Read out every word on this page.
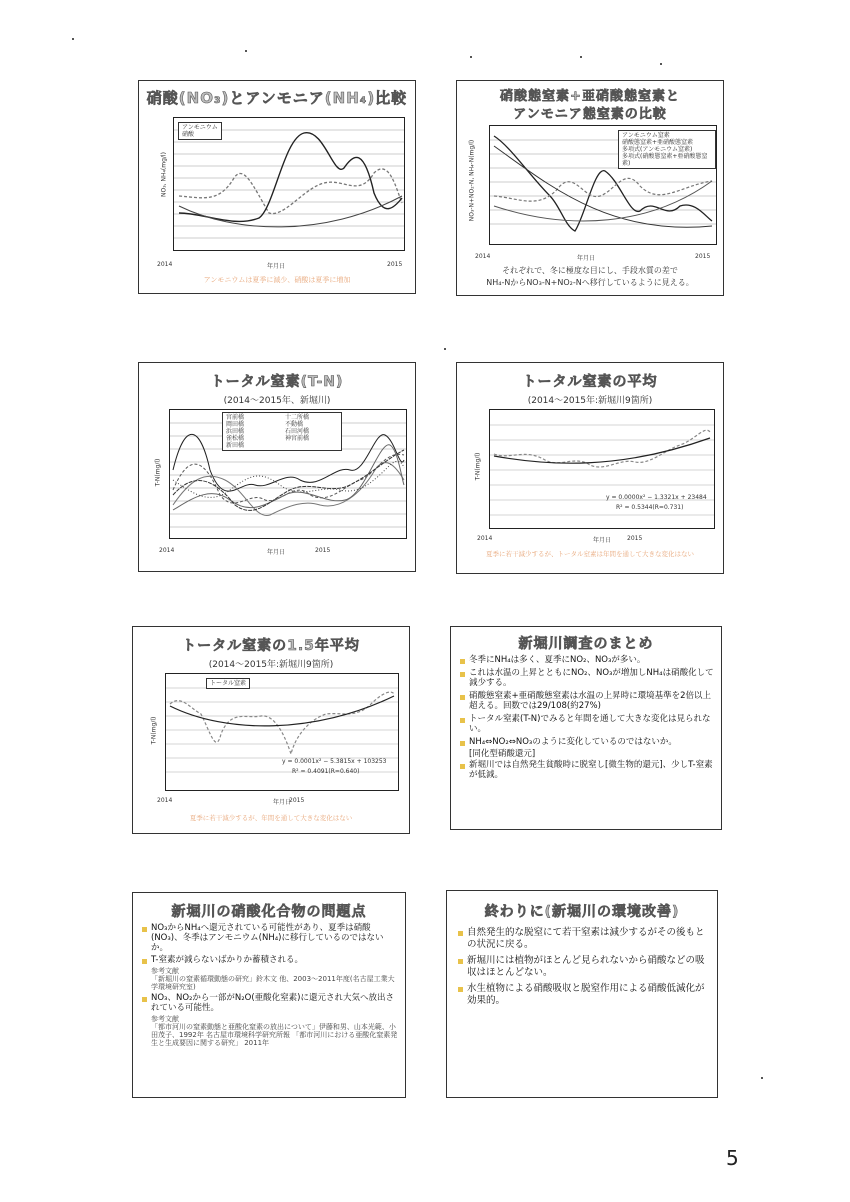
硝酸(NO₃)とアンモニア(NH₄)比較
アンモニウム
硝酸
NO₃, NH₄(mg/l)
年月日
2014	2015
アンモニウムは夏季に減少、硝酸は夏季に増加
硝酸態窒素+亜硝酸態窒素と
アンモニア態窒素の比較
アンモニウム窒素
硝酸態窒素+亜硝酸態窒素
多項式(アンモニウム窒素)
多項式(硝酸態窒素+亜硝酸態窒素)
NO₃-N+NO₂-N, NH₄-N(mg/l)
年月日
2014	2015
それぞれで、冬に極度な目にし、手段水質の差で
NH₄-NからNO₃-N+NO₂-Nへ移行しているように見える。
トータル窒素(T-N)
(2014〜2015年、新堀川)
宮前橋
岡田橋
浜田橋
雀松橋
新田橋
十二所橋
不動橋
石田河橋
神宮前橋
T-N(mg/l)
年月日
2014	2015
トータル窒素の平均
(2014〜2015年:新堀川9箇所)
y = 0.0000x² − 1.3321x + 23484
R² = 0.5344(R=0.731)
T-N(mg/l)
年月日
2014	2015
夏季に若干減少するが、トータル窒素は年間を通して大きな変化はない
トータル窒素の1.5年平均
(2014〜2015年:新堀川9箇所)
トータル窒素
y = 0.0001x² − 5.3815x + 103253
R² = 0.4091(R=0.640)
T-N(mg/l)
年月日
2014	2015
夏季に若干減少するが、年間を通して大きな変化はない
新堀川調査のまとめ
冬季にNH₄は多く、夏季にNO₂、NO₃が多い。
これは水温の上昇とともにNO₂、NO₃が増加しNH₄は硝酸化して減少する。
硝酸態窒素+亜硝酸態窒素は水温の上昇時に環境基準を2倍以上超える。回数では29/108(約27%)
トータル窒素(T-N)でみると年間を通して大きな変化は見られない。
NH₄⇔NO₂⇔NO₃のように変化しているのではないか。
[同化型硝酸還元]
新堀川では自然発生貧酸時に脱窒し[微生物的還元]、少しT-窒素が低減。
新堀川の硝酸化合物の問題点
NO₃からNH₄へ還元されている可能性があり、夏季は硝酸(NO₃)、冬季はアンモニウム(NH₄)に移行しているのではないか。
T-窒素が減らないばかりか蓄積される。
参考文献
「新堀川の窒素循環動態の研究」鈴木文 他、2003〜2011年度(名古屋工業大学環境研究室)
NO₃、NO₂から一部がN₂O(亜酸化窒素)に還元され大気へ放出されている可能性。
参考文献
「都市河川の窒素動態と亜酸化窒素の放出について」伊藤和男、山本光範、小田茂子、1992年 名古屋市環境科学研究所報 「都市河川における亜酸化窒素発生と生成要因に関する研究」 2011年
終わりに(新堀川の環境改善)
自然発生的な脱窒にて若干窒素は減少するがその後もとの状況に戻る。
新堀川には植物がほとんど見られないから硝酸などの吸収はほとんどない。
水生植物による硝酸吸収と脱窒作用による硝酸低減化が効果的。
5
